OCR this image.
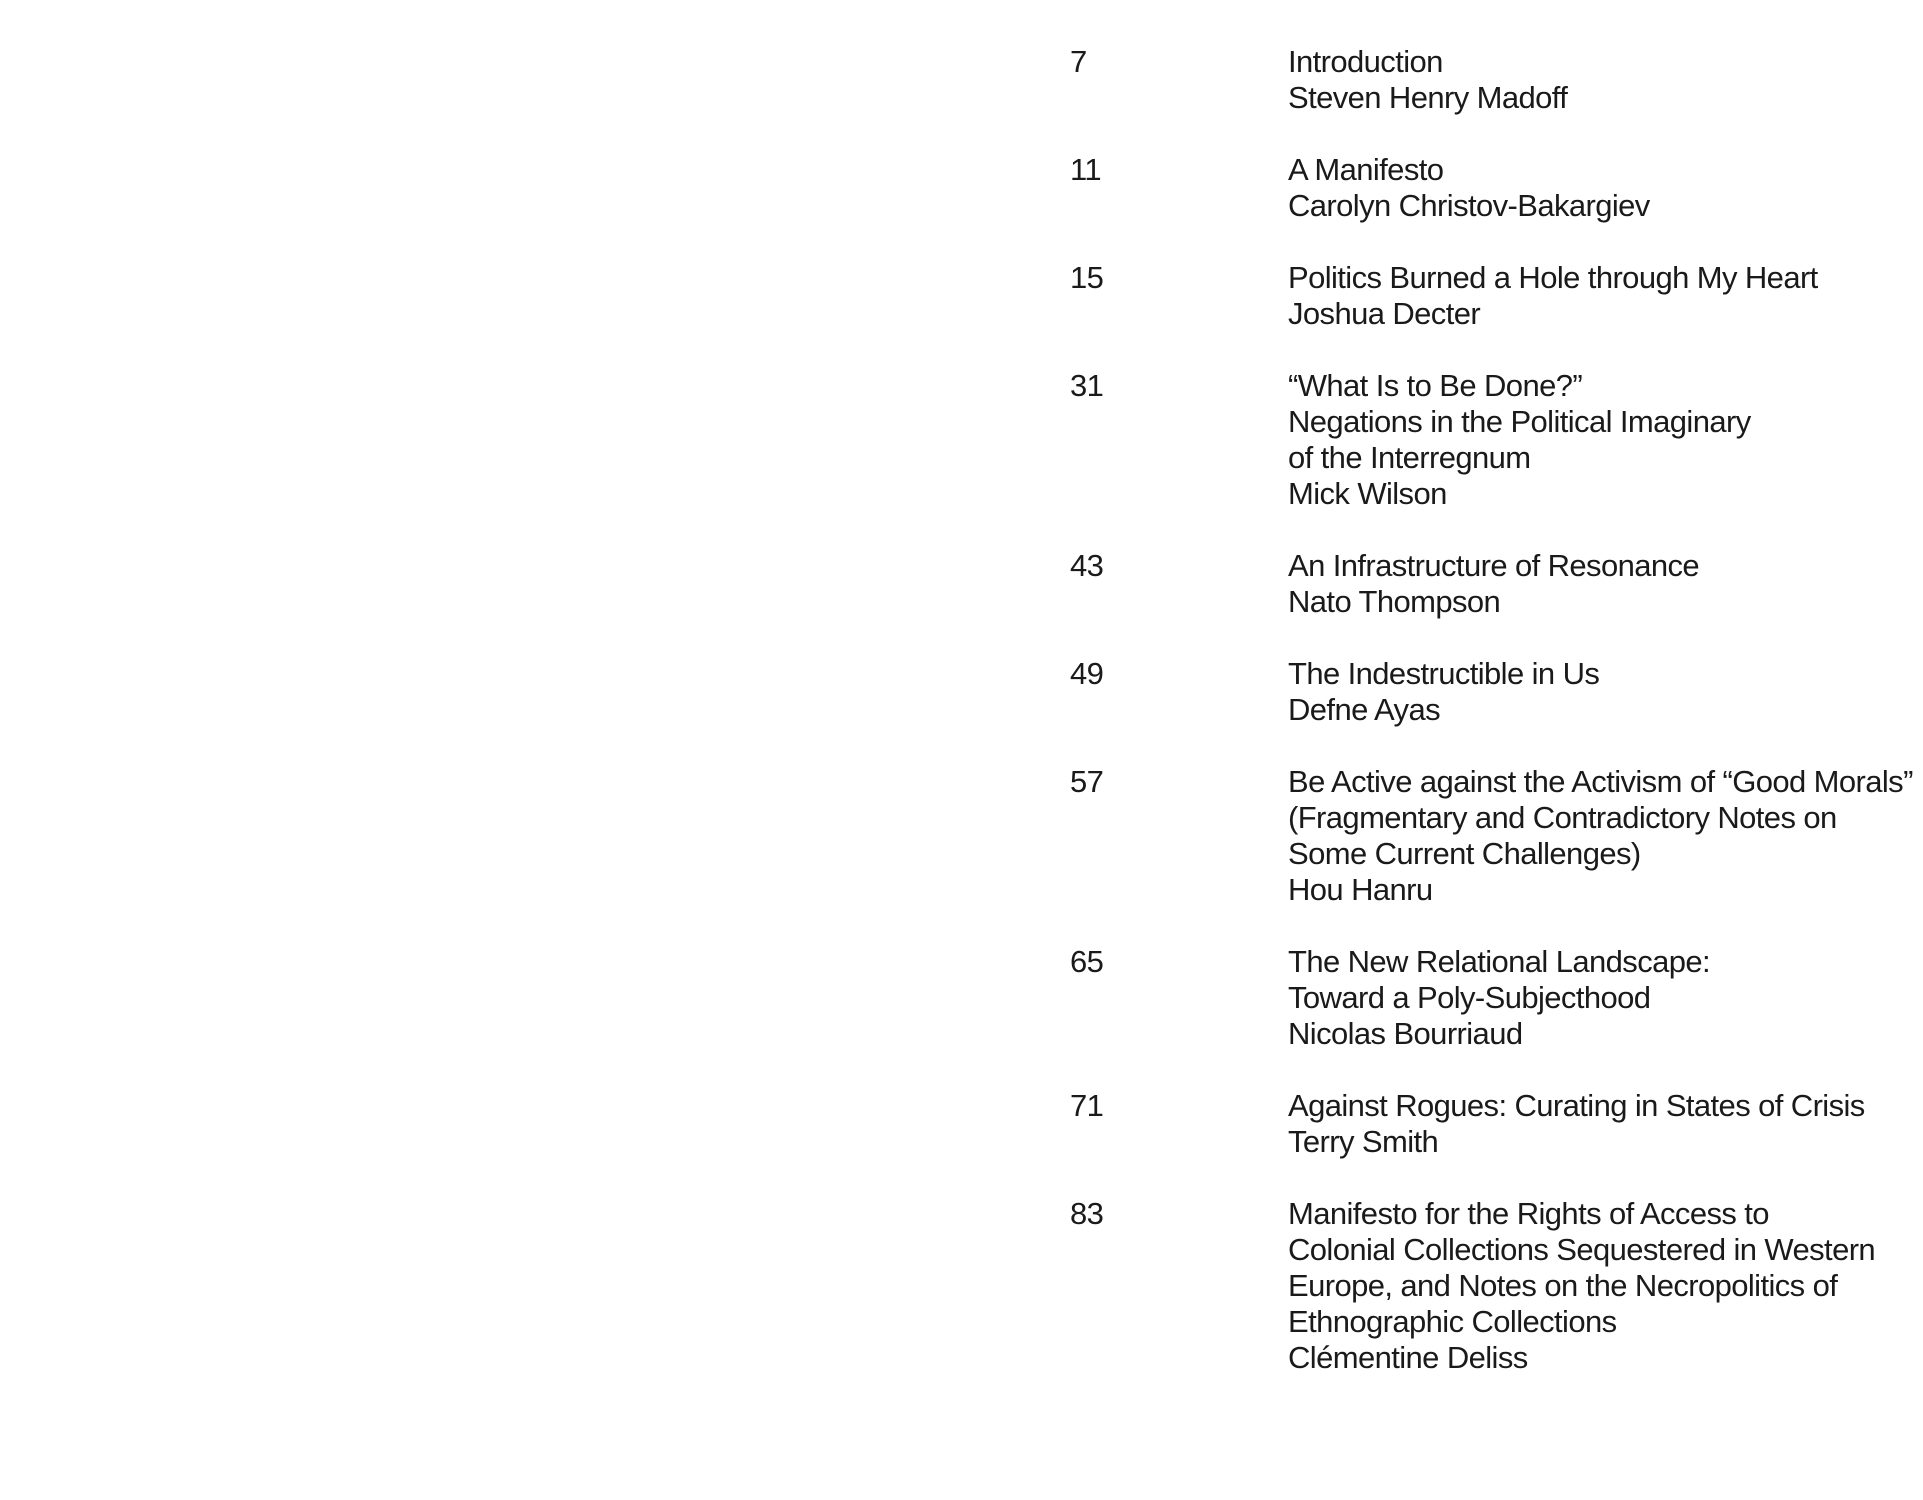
7	Introduction
Steven Henry Madoff
11	A Manifesto
Carolyn Christov-Bakargiev
15	Politics Burned a Hole through My Heart
Joshua Decter
31	“What Is to Be Done?”
Negations in the Political Imaginary
of the Interregnum
Mick Wilson
43	An Infrastructure of Resonance
Nato Thompson
49	The Indestructible in Us
Defne Ayas
57	Be Active against the Activism of “Good Morals”
(Fragmentary and Contradictory Notes on
Some Current Challenges)
Hou Hanru
65	The New Relational Landscape:
Toward a Poly-Subjecthood
Nicolas Bourriaud
71	Against Rogues: Curating in States of Crisis
Terry Smith
83	Manifesto for the Rights of Access to
Colonial Collections Sequestered in Western
Europe, and Notes on the Necropolitics of
Ethnographic Collections
Clémentine Deliss
